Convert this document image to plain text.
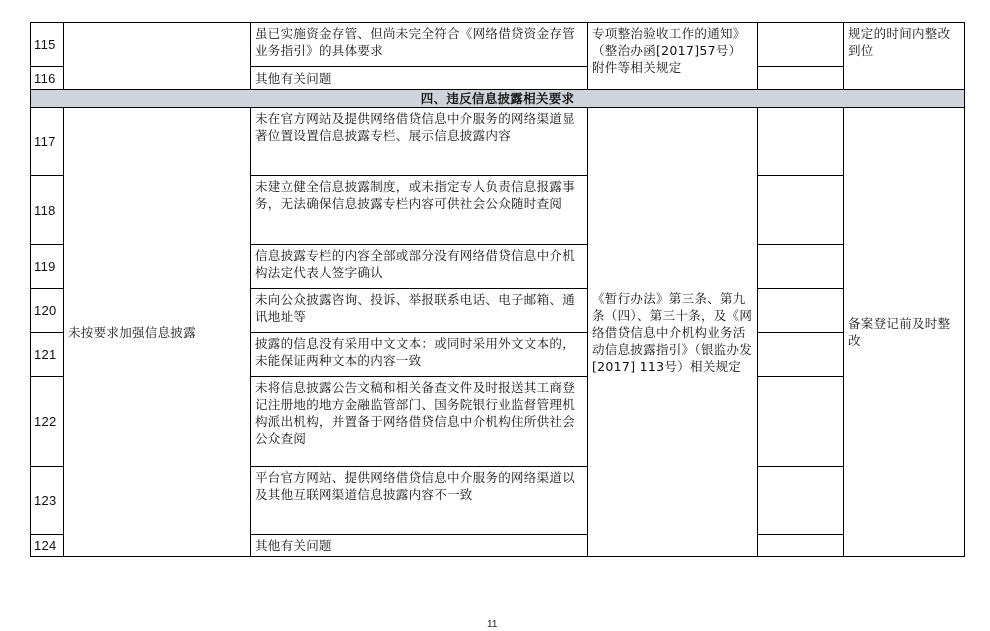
115		虽已实施资金存管、但尚未完全符合《网络借贷资金存管业务指引》的具体要求	专项整治验收工作的通知》（整治办函[2017]57号）附件等相关规定		规定的时间内整改到位
116		其他有关问题			
四、违反信息披露相关要求					
117	未按要求加强信息披露	未在官方网站及提供网络借贷信息中介服务的网络渠道显著位置设置信息披露专栏、展示信息披露内容	《暂行办法》第三条、第九条（四）、第三十条，及《网络借贷信息中介机构业务活动信息披露指引》（银监办发[2017] 113号）相关规定		备案登记前及时整改
118		未建立健全信息披露制度，或未指定专人负责信息报露事务，无法确保信息披露专栏内容可供社会公众随时查阅			
119		信息披露专栏的内容全部或部分没有网络借贷信息中介机构法定代表人签字确认			
120		未向公众披露咨询、投诉、举报联系电话、电子邮箱、通讯地址等			
121		披露的信息没有采用中文文本：或同时采用外文文本的，未能保证两种文本的内容一致			
122		未将信息披露公告文稿和相关备查文件及时报送其工商登记注册地的地方金融监管部门、国务院银行业监督管理机构派出机构，并置备于网络借贷信息中介机构住所供社会公众查阅			
123		平台官方网站、提供网络借贷信息中介服务的网络渠道以及其他互联网渠道信息披露内容不一致			
124		其他有关问题			
11
